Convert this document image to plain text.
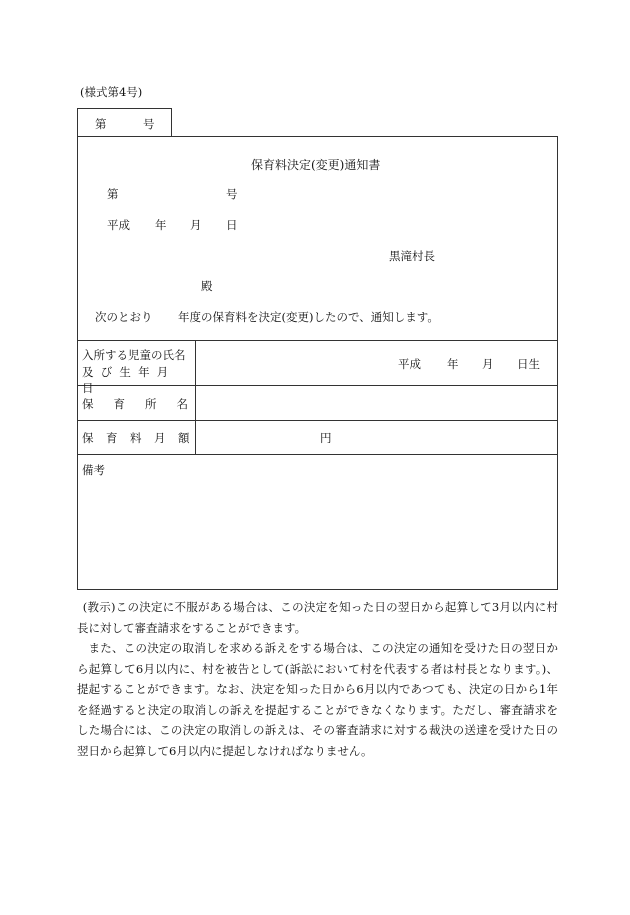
(様式第4号)
第	号
保育料決定(変更)通知書
第	号
平成 年 月 日
黒滝村長
殿
次のとおり 年度の保育料を決定(変更)したので、通知します。
入所する児童の氏名
及び生年月日
平成 年 月 日生
保育所名
保育料月額	円
備考

(教示)この決定に不服がある場合は、この決定を知った日の翌日から起算して3月以内に村長に対して審査請求をすることができます。

また、この決定の取消しを求める訴えをする場合は、この決定の通知を受けた日の翌日から起算して6月以内に、村を被告として(訴訟において村を代表する者は村長となります。)、提起することができます。なお、決定を知った日から6月以内であつても、決定の日から1年を経過すると決定の取消しの訴えを提起することができなくなります。ただし、審査請求をした場合には、この決定の取消しの訴えは、その審査請求に対する裁決の送達を受けた日の翌日から起算して6月以内に提起しなければなりません。
